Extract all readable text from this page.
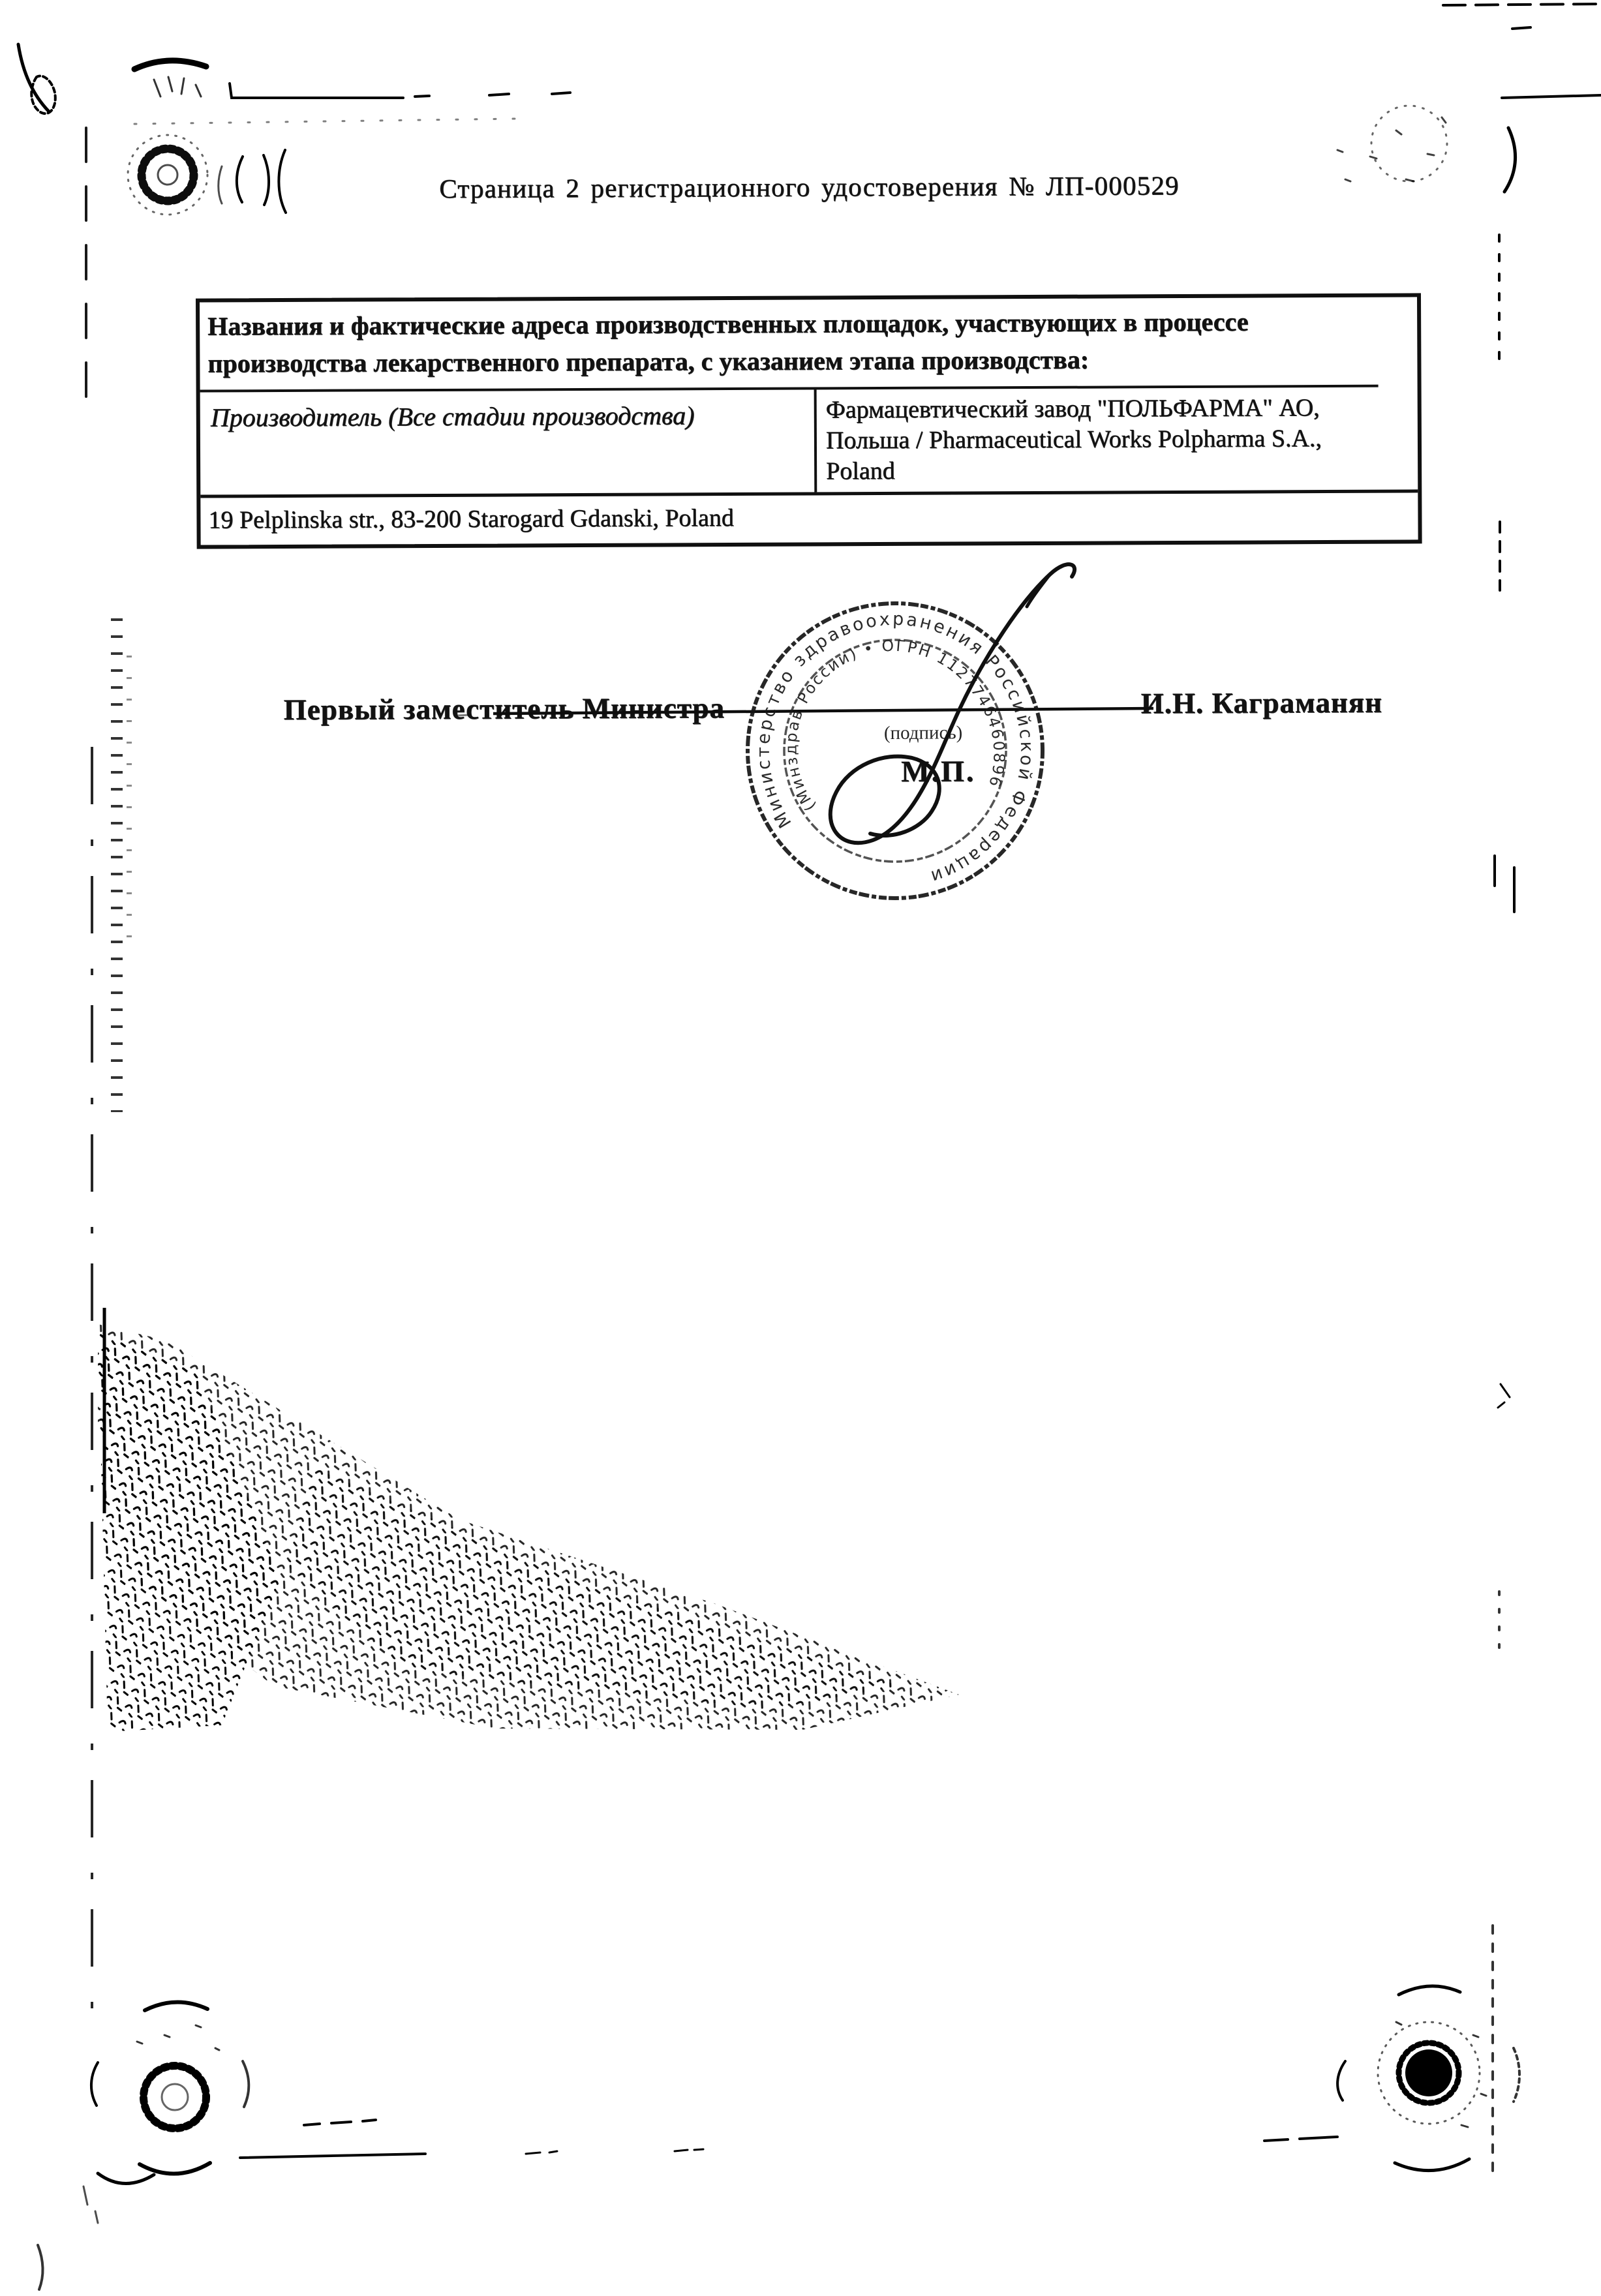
Страница 2 регистрационного удостоверения № ЛП-000529
Названия и фактические адреса производственных площадок, участвующих в процессе производства лекарственного препарата, с указанием этапа производства:
Производитель (Все стадии производства)	Фармацевтический завод "ПОЛЬФАРМА" АО, Польша / Pharmaceutical Works Polpharma S.A., Poland
19 Pelplinska str., 83-200 Starogard Gdanski, Poland
Первый заместитель Министра	И.Н. Каграманян
(подпись)
М.П.
Министерство здравоохранения Российской Федерации
(Минздрав России) • ОГРН 1127746460896
